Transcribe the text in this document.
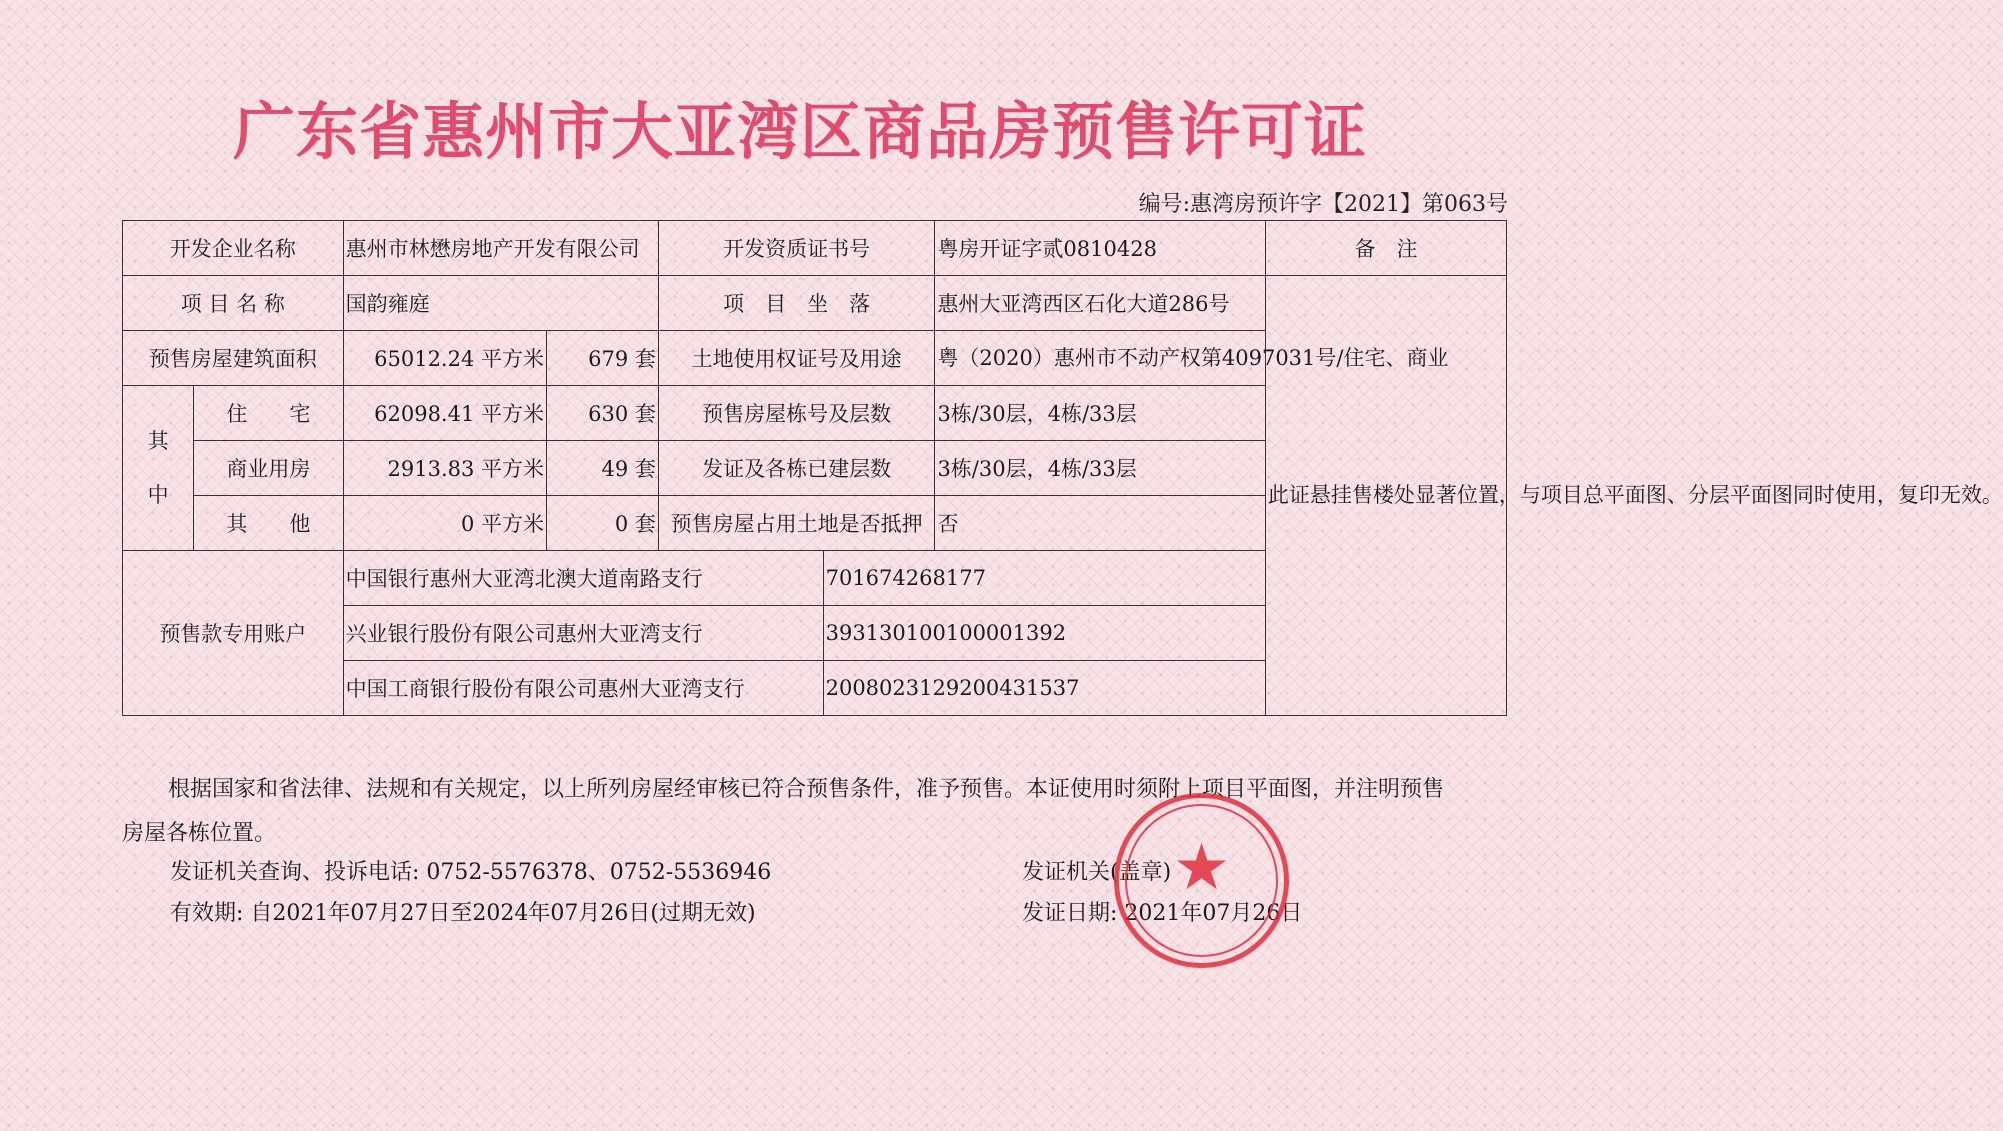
广东省惠州市大亚湾区商品房预售许可证
编号:惠湾房预许字【2021】第063号
开发企业名称		惠州市林懋房地产开发有限公司		开发资质证书号		粤房开证字贰0810428	备　注
项 目 名 称		国韵雍庭		项　目　坐　落		惠州大亚湾西区石化大道286号	此证悬挂售楼处显著位置，与项目总平面图、分层平面图同时使用，复印无效。
预售房屋建筑面积		65012.24 平方米	679 套	土地使用权证号及用途		粤（2020）惠州市不动产权第4097031号/住宅、商业	

其
中	住　　宅	62098.41 平方米	630 套	预售房屋栋号及层数		3栋/30层，4栋/33层	
	商业用房	2913.83 平方米	49 套	发证及各栋已建层数		3栋/30层，4栋/33层	
	其　　他	0 平方米	0 套	预售房屋占用土地是否抵押		否	
预售款专用账户		中国银行惠州大亚湾北澳大道南路支行			701674268177		
		兴业银行股份有限公司惠州大亚湾支行			393130100100001392		
		中国工商银行股份有限公司惠州大亚湾支行			2008023129200431537		
根据国家和省法律、法规和有关规定，以上所列房屋经审核已符合预售条件，准予预售。本证使用时须附上项目平面图，并注明预售房屋各栋位置。
发证机关查询、投诉电话: 0752-5576378、0752-5536946
有效期: 自2021年07月27日至2024年07月26日(过期无效)
发证机关(盖章)
发证日期: 2021年07月26日
★
